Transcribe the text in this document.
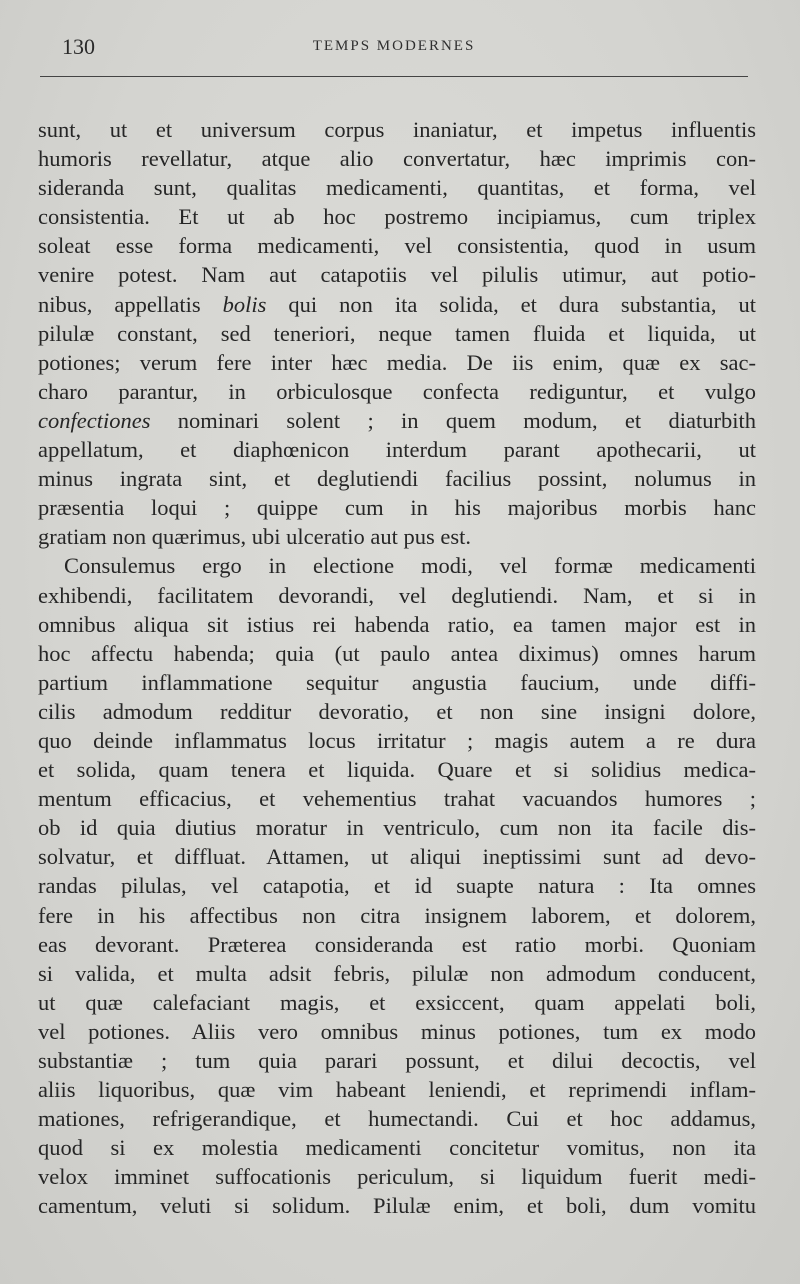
130	TEMPS MODERNES
sunt, ut et universum corpus inaniatur, et impetus influentis
humoris revellatur, atque alio convertatur, hæc imprimis con-
sideranda sunt, qualitas medicamenti, quantitas, et forma, vel
consistentia. Et ut ab hoc postremo incipiamus, cum triplex
soleat esse forma medicamenti, vel consistentia, quod in usum
venire potest. Nam aut catapotiis vel pilulis utimur, aut potio-
nibus, appellatis bolis qui non ita solida, et dura substantia, ut
pilulæ constant, sed teneriori, neque tamen fluida et liquida, ut
potiones; verum fere inter hæc media. De iis enim, quæ ex sac-
charo parantur, in orbiculosque confecta rediguntur, et vulgo
confectiones nominari solent ; in quem modum, et diaturbith
appellatum, et diaphœnicon interdum parant apothecarii, ut
minus ingrata sint, et deglutiendi facilius possint, nolumus in
præsentia loqui ; quippe cum in his majoribus morbis hanc
gratiam non quærimus, ubi ulceratio aut pus est.
Consulemus ergo in electione modi, vel formæ medicamenti
exhibendi, facilitatem devorandi, vel deglutiendi. Nam, et si in
omnibus aliqua sit istius rei habenda ratio, ea tamen major est in
hoc affectu habenda; quia (ut paulo antea diximus) omnes harum
partium inflammatione sequitur angustia faucium, unde diffi-
cilis admodum redditur devoratio, et non sine insigni dolore,
quo deinde inflammatus locus irritatur ; magis autem a re dura
et solida, quam tenera et liquida. Quare et si solidius medica-
mentum efficacius, et vehementius trahat vacuandos humores ;
ob id quia diutius moratur in ventriculo, cum non ita facile dis-
solvatur, et diffluat. Attamen, ut aliqui ineptissimi sunt ad devo-
randas pilulas, vel catapotia, et id suapte natura : Ita omnes
fere in his affectibus non citra insignem laborem, et dolorem,
eas devorant. Præterea consideranda est ratio morbi. Quoniam
si valida, et multa adsit febris, pilulæ non admodum conducent,
ut quæ calefaciant magis, et exsiccent, quam appelati boli,
vel potiones. Aliis vero omnibus minus potiones, tum ex modo
substantiæ ; tum quia parari possunt, et dilui decoctis, vel
aliis liquoribus, quæ vim habeant leniendi, et reprimendi inflam-
mationes, refrigerandique, et humectandi. Cui et hoc addamus,
quod si ex molestia medicamenti concitetur vomitus, non ita
velox imminet suffocationis periculum, si liquidum fuerit medi-
camentum, veluti si solidum. Pilulæ enim, et boli, dum vomitu
